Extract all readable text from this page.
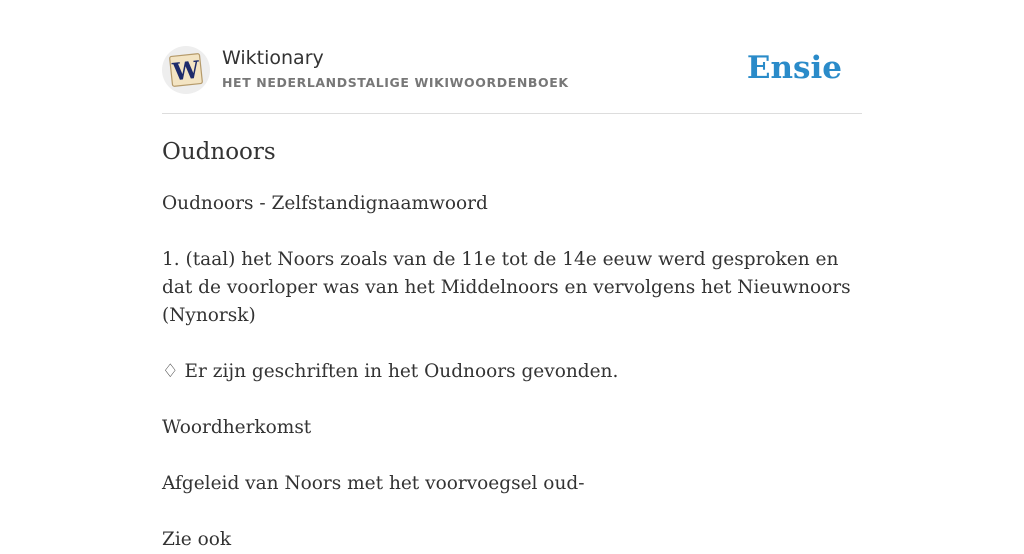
W Wiktionary
HET NEDERLANDSTALIGE WIKIWOORDENBOEK	Ensie
Oudnoors

Oudnoors - Zelfstandignaamwoord

1. (taal) het Noors zoals van de 11e tot de 14e eeuw werd gesproken en dat de voorloper was van het Middelnoors en vervolgens het Nieuwnoors (Nynorsk)

♢ Er zijn geschriften in het Oudnoors gevonden.

Woordherkomst

Afgeleid van Noors met het voorvoegsel oud-

Zie ook
